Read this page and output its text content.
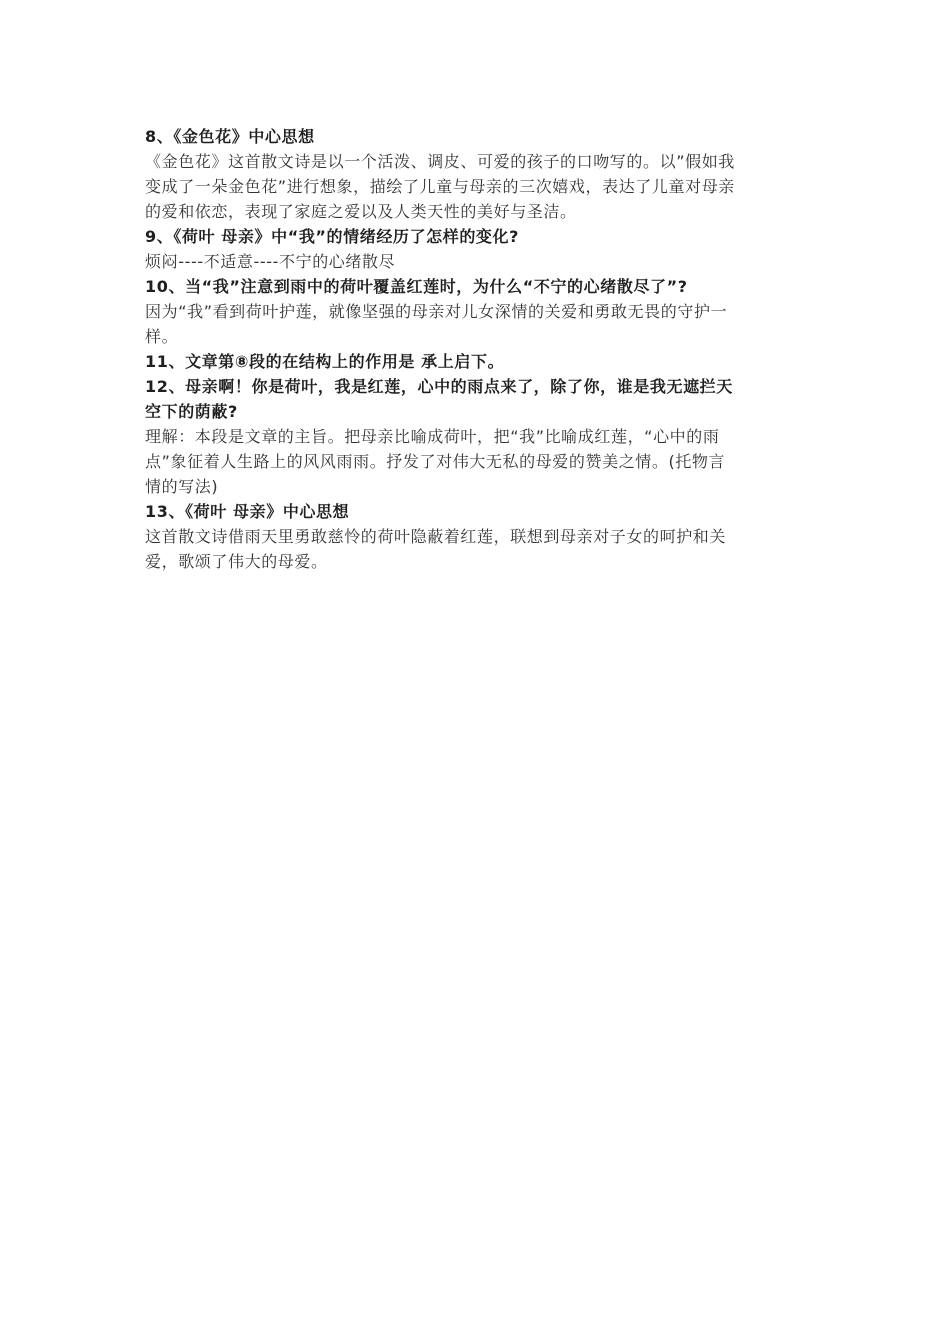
8、《金色花》中心思想

《金色花》这首散文诗是以一个活泼、调皮、可爱的孩子的口吻写的。以”假如我

变成了一朵金色花”进行想象，描绘了儿童与母亲的三次嬉戏，表达了儿童对母亲

的爱和依恋，表现了家庭之爱以及人类天性的美好与圣洁。

9、《荷叶 母亲》中“我”的情绪经历了怎样的变化?

烦闷----不适意----不宁的心绪散尽

10、当“我”注意到雨中的荷叶覆盖红莲时，为什么“不宁的心绪散尽了”?

因为“我”看到荷叶护莲，就像坚强的母亲对儿女深情的关爱和勇敢无畏的守护一

样。

11、文章第⑧段的在结构上的作用是 承上启下。

12、母亲啊！你是荷叶，我是红莲，心中的雨点来了，除了你，谁是我无遮拦天

空下的荫蔽?

理解：本段是文章的主旨。把母亲比喻成荷叶，把“我”比喻成红莲，“心中的雨

点”象征着人生路上的风风雨雨。抒发了对伟大无私的母爱的赞美之情。(托物言

情的写法)

13、《荷叶 母亲》中心思想

这首散文诗借雨天里勇敢慈怜的荷叶隐蔽着红莲，联想到母亲对子女的呵护和关

爱，歌颂了伟大的母爱。
